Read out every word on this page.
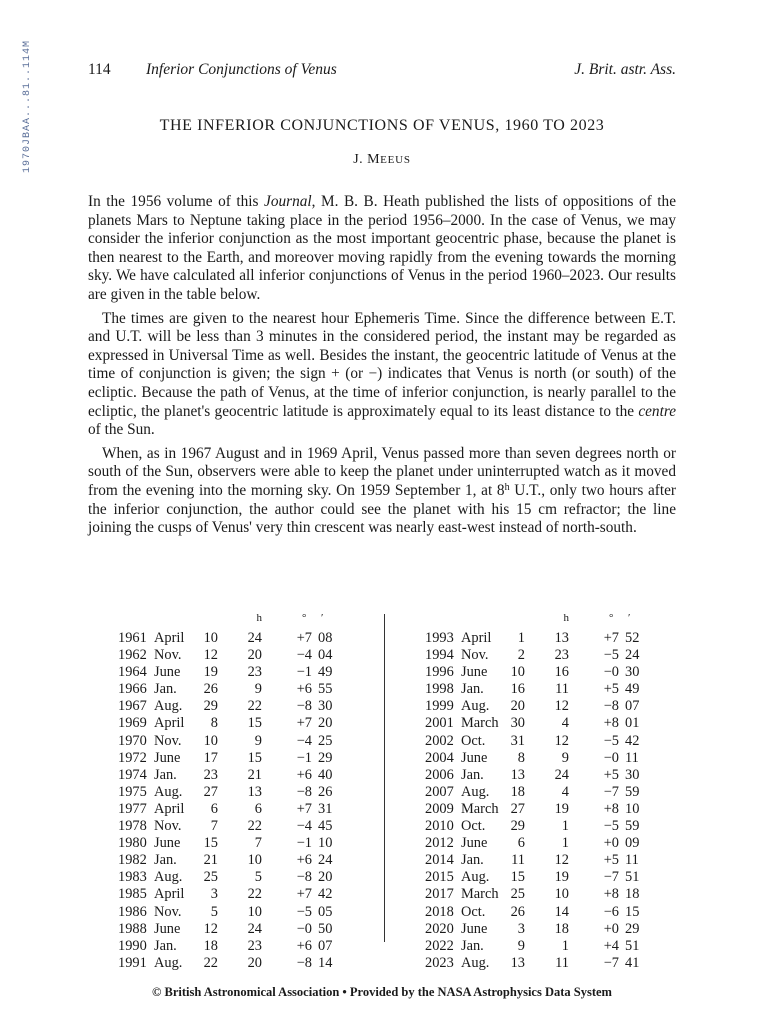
1970JBAA...81..114M	114 Inferior Conjunctions of Venus	J. Brit. astr. Ass.
THE INFERIOR CONJUNCTIONS OF VENUS, 1960 TO 2023
J. MEEUS

In the 1956 volume of this Journal, M. B. B. Heath published the lists of oppositions of the planets Mars to Neptune taking place in the period 1956–2000. In the case of Venus, we may consider the inferior conjunction as the most important geocentric phase, because the planet is then nearest to the Earth, and moreover moving rapidly from the evening towards the morning sky. We have calculated all inferior conjunctions of Venus in the period 1960–2023. Our results are given in the table below.

The times are given to the nearest hour Ephemeris Time. Since the difference between E.T. and U.T. will be less than 3 minutes in the considered period, the instant may be regarded as expressed in Universal Time as well. Besides the instant, the geocentric latitude of Venus at the time of conjunction is given; the sign + (or −) indicates that Venus is north (or south) of the ecliptic. Because the path of Venus, at the time of inferior conjunction, is nearly parallel to the ecliptic, the planet's geocentric latitude is approximately equal to its least distance to the centre of the Sun.

When, as in 1967 August and in 1969 April, Venus passed more than seven degrees north or south of the Sun, observers were able to keep the planet under uninterrupted watch as it moved from the evening into the morning sky. On 1959 September 1, at 8$^h$ U.T., only two hours after the inferior conjunction, the author could see the planet with his 15 cm refractor; the line joining the cusps of Venus' very thin crescent was nearly east-west instead of north-south.

h	° ′
1961 April	10	24	+7 08
1962 Nov.	12	20	−4 04
1964 June	19	23	−1 49
1966 Jan.	26	9	+6 55
1967 Aug.	29	22	−8 30
1969 April	8	15	+7 20
1970 Nov.	10	9	−4 25
1972 June	17	15	−1 29
1974 Jan.	23	21	+6 40
1975 Aug.	27	13	−8 26
1977 April	6	6	+7 31
1978 Nov.	7	22	−4 45
1980 June	15	7	−1 10
1982 Jan.	21	10	+6 24
1983 Aug.	25	5	−8 20
1985 April	3	22	+7 42
1986 Nov.	5	10	−5 05
1988 June	12	24	−0 50
1990 Jan.	18	23	+6 07
1991 Aug.	22	20	−8 14
h	° ′
1993 April	1	13	+7 52
1994 Nov.	2	23	−5 24
1996 June	10	16	−0 30
1998 Jan.	16	11	+5 49
1999 Aug.	20	12	−8 07
2001 March 30	4	+8 01
2002 Oct.	31	12	−5 42
2004 June	8	9	−0 11
2006 Jan.	13	24	+5 30
2007 Aug.	18	4	−7 59
2009 March 27	19	+8 10
2010 Oct.	29	1	−5 59
2012 June	6	1	+0 09
2014 Jan.	11	12	+5 11
2015 Aug.	15	19	−7 51
2017 March 25	10	+8 18
2018 Oct.	26	14	−6 15
2020 June	3	18	+0 29
2022 Jan.	9	1	+4 51
2023 Aug.	13	11	−7 41
© British Astronomical Association • Provided by the NASA Astrophysics Data System
